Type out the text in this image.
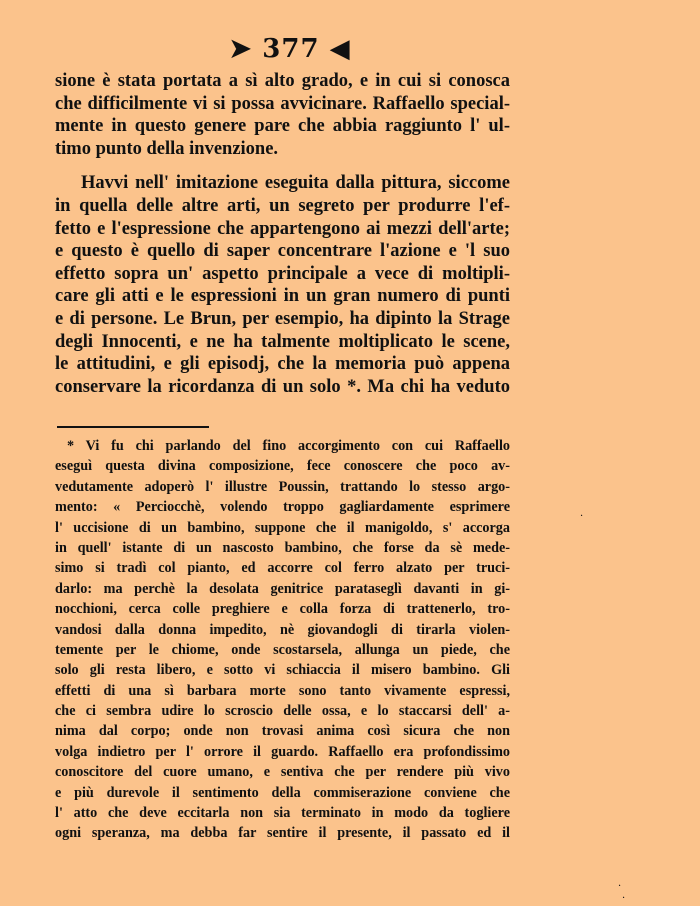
➤ 377 ◀
sione è stata portata a sì alto grado, e in cui si conosca
che difficilmente vi si possa avvicinare. Raffaello special-
mente in questo genere pare che abbia raggiunto l' ul-
timo punto della invenzione.
Havvi nell' imitazione eseguita dalla pittura, siccome
in quella delle altre arti, un segreto per produrre l'ef-
fetto e l'espressione che appartengono ai mezzi dell'arte;
e questo è quello di saper concentrare l'azione e 'l suo
effetto sopra un' aspetto principale a vece di moltipli-
care gli atti e le espressioni in un gran numero di punti
e di persone. Le Brun, per esempio, ha dipinto la Strage
degli Innocenti, e ne ha talmente moltiplicato le scene,
le attitudini, e gli episodj, che la memoria può appena
conservare la ricordanza di un solo *. Ma chi ha veduto
* Vi fu chi parlando del fino accorgimento con cui Raffaello
eseguì questa divina composizione, fece conoscere che poco av-
vedutamente adoperò l' illustre Poussin, trattando lo stesso argo-
mento: « Perciocchè, volendo troppo gagliardamente esprimere
l' uccisione di un bambino, suppone che il manigoldo, s' accorga
in quell' istante di un nascosto bambino, che forse da sè mede-
simo si tradì col pianto, ed accorre col ferro alzato per truci-
darlo: ma perchè la desolata genitrice parataseglì davanti in gi-
nocchioni, cerca colle preghiere e colla forza di trattenerlo, tro-
vandosi dalla donna impedito, nè giovandogli di tirarla violen-
temente per le chiome, onde scostarsela, allunga un piede, che
solo gli resta libero, e sotto vi schiaccia il misero bambino. Gli
effetti di una sì barbara morte sono tanto vivamente espressi,
che ci sembra udire lo scroscio delle ossa, e lo staccarsi dell' a-
nima dal corpo; onde non trovasi anima così sicura che non
volga indietro per l' orrore il guardo. Raffaello era profondissimo
conoscitore del cuore umano, e sentiva che per rendere più vivo
e più durevole il sentimento della commiserazione conviene che
l' atto che deve eccitarla non sia terminato in modo da togliere
ogni speranza, ma debba far sentire il presente, il passato ed il
·
·
·
